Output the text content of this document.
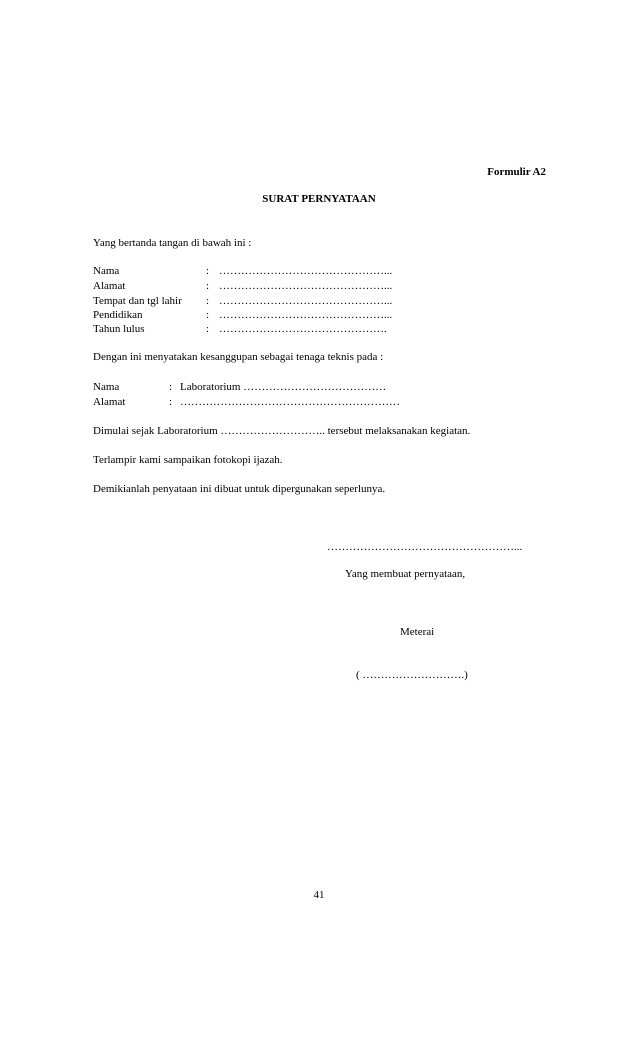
Formulir A2
SURAT PERNYATAAN
Yang bertanda tangan di bawah ini :
Nama	: ………………………………………...
Alamat	: ………………………………………...
Tempat dan tgl lahir : ………………………………………...
Pendidikan	: ………………………………………...
Tahun lulus	: ……………………………………….
Dengan ini menyatakan kesanggupan sebagai tenaga teknis pada :
Nama	: Laboratorium …………………………………
Alamat	: ……………………………………………………
Dimulai sejak Laboratorium ……………………….. tersebut melaksanakan kegiatan.
Terlampir kami sampaikan fotokopi ijazah.
Demikianlah penyataan ini dibuat untuk dipergunakan seperlunya.
……………………………………………...
Yang membuat pernyataan,
Meterai
( ……………………….)
41
